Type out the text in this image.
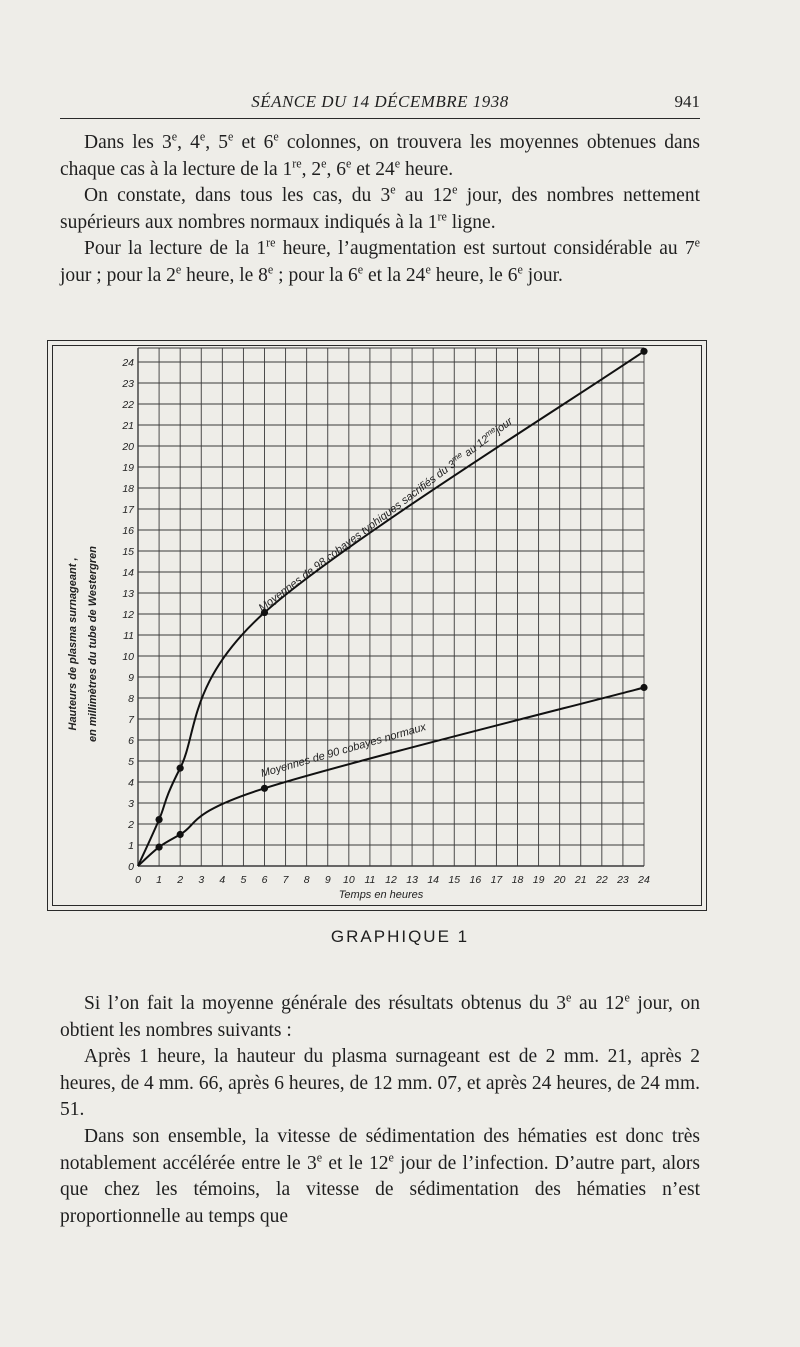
SÉANCE DU 14 DÉCEMBRE 1938	941

Dans les 3e, 4e, 5e et 6e colonnes, on trouvera les moyennes obtenues dans chaque cas à la lecture de la 1re, 2e, 6e et 24e heure.

On constate, dans tous les cas, du 3e au 12e jour, des nombres nettement supérieurs aux nombres normaux indiqués à la 1re ligne.

Pour la lecture de la 1re heure, l’augmentation est surtout considérable au 7e jour ; pour la 2e heure, le 8e ; pour la 6e et la 24e heure, le 6e jour.

0 1 2 3 4 5 6 7 8 9 10 11 12 13 14 15 16 17 18 19 20 21 22 23 24
0
1
2
3
4
5
6
7
8
9
10
11
12
13
14
15
16
17
18
19
20
21
22
23
24
Temps en heures
Hauteurs de plasma surnageant , en millimètres du tube de Westergren
Moyennes de 98 cobayes typhiques sacrifiés du $3^{me}$ au $12^{me}jour$
Moyennes de 90 cobayes normaux
GRAPHIQUE 1

Si l’on fait la moyenne générale des résultats obtenus du 3e au 12e jour, on obtient les nombres suivants :

Après 1 heure, la hauteur du plasma surnageant est de 2 mm. 21, après 2 heures, de 4 mm. 66, après 6 heures, de 12 mm. 07, et après 24 heures, de 24 mm. 51.

Dans son ensemble, la vitesse de sédimentation des hématies est donc très notablement accélérée entre le 3e et le 12e jour de l’infection. D’autre part, alors que chez les témoins, la vitesse de sédimentation des hématies n’est proportionnelle au temps que
